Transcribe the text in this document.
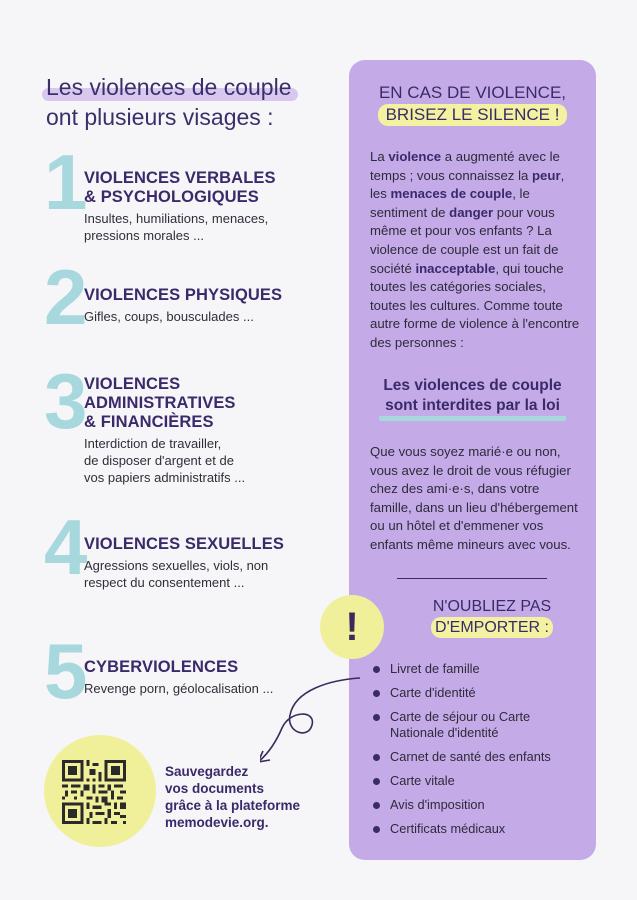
Les violences de couple
ont plusieurs visages :
1
VIOLENCES VERBALES
& PSYCHOLOGIQUES

Insultes, humiliations, menaces,
pressions morales ...

2
VIOLENCES PHYSIQUES

Gifles, coups, bousculades ...

3
VIOLENCES
ADMINISTRATIVES
& FINANCIÈRES

Interdiction de travailler,
de disposer d'argent et de
vos papiers administratifs ...

4
VIOLENCES SEXUELLES

Agressions sexuelles, viols, non
respect du consentement ...

5
CYBERVIOLENCES

Revenge porn, géolocalisation ...

EN CAS DE VIOLENCE,
BRISEZ LE SILENCE !

La violence a augmenté avec le temps ; vous connaissez la peur, les menaces de couple, le sentiment de danger pour vous même et pour vos enfants ? La violence de couple est un fait de société inacceptable, qui touche toutes les catégories sociales, toutes les cultures. Comme toute autre forme de violence à l'encontre des personnes :

Les violences de couple
sont interdites par la loi

Que vous soyez marié·e ou non, vous avez le droit de vous réfugier chez des ami·e·s, dans votre famille, dans un lieu d'hébergement ou un hôtel et d'emmener vos enfants même mineurs avec vous.

N'OUBLIEZ PAS
D'EMPORTER :
Livret de famille
Carte d'identité
Carte de séjour ou Carte Nationale d'identité
Carnet de santé des enfants
Carte vitale
Avis d'imposition
Certificats médicaux
!
Sauvegardez
vos documents
grâce à la plateforme
memodevie.org.
